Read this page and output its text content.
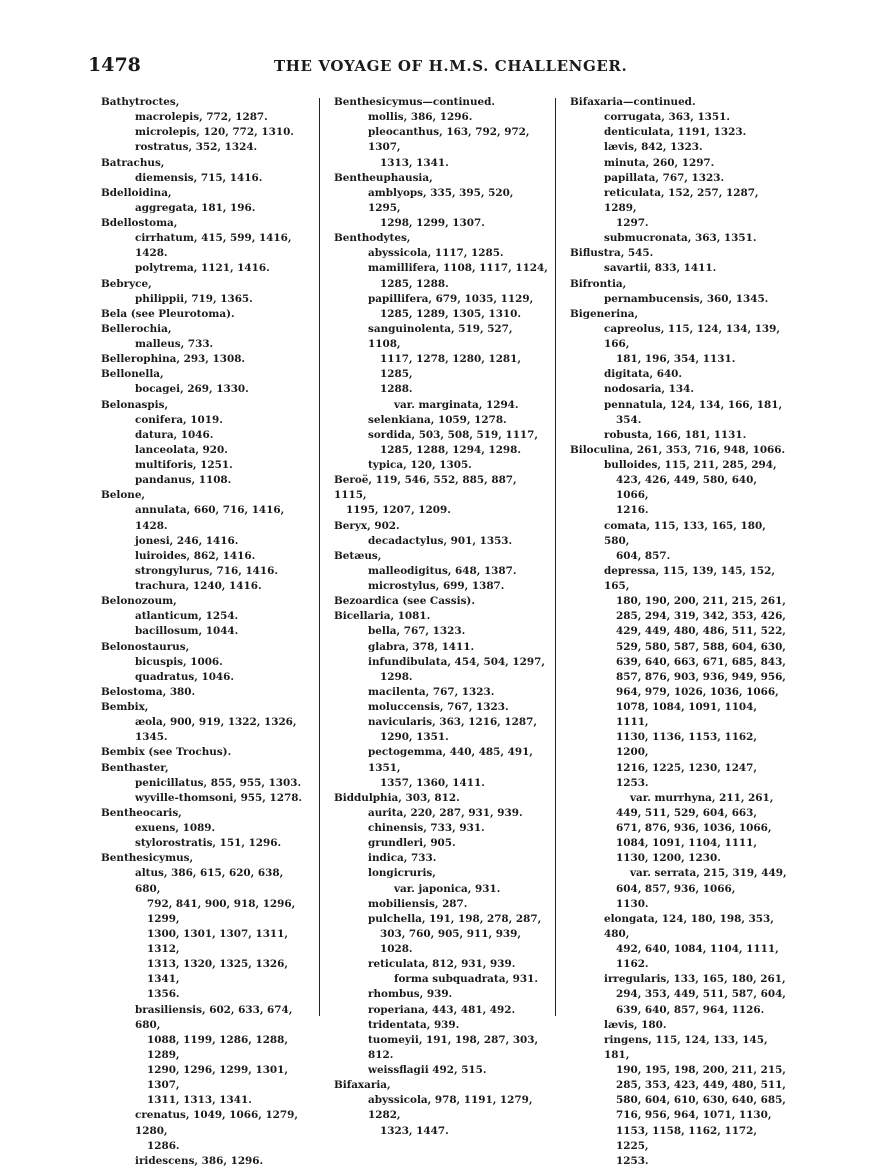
1478	THE VOYAGE OF H.M.S. CHALLENGER.
Bathytroctes,
macrolepis, 772, 1287.
microlepis, 120, 772, 1310.
rostratus, 352, 1324.
Batrachus,
diemensis, 715, 1416.
Bdelloidina,
aggregata, 181, 196.
Bdellostoma,
cirrhatum, 415, 599, 1416, 1428.
polytrema, 1121, 1416.
Bebryce,
philippii, 719, 1365.
Bela (see Pleurotoma).
Bellerochia,
malleus, 733.
Bellerophina, 293, 1308.
Bellonella,
bocagei, 269, 1330.
Belonaspis,
conifera, 1019.
datura, 1046.
lanceolata, 920.
multiforis, 1251.
pandanus, 1108.
Belone,
annulata, 660, 716, 1416, 1428.
jonesi, 246, 1416.
luiroides, 862, 1416.
strongylurus, 716, 1416.
trachura, 1240, 1416.
Belonozoum,
atlanticum, 1254.
bacillosum, 1044.
Belonostaurus,
bicuspis, 1006.
quadratus, 1046.
Belostoma, 380.
Bembix,
æola, 900, 919, 1322, 1326, 1345.
Bembix (see Trochus).
Benthaster,
penicillatus, 855, 955, 1303.
wyville-thomsoni, 955, 1278.
Bentheocaris,
exuens, 1089.
stylorostratis, 151, 1296.
Benthesicymus,
altus, 386, 615, 620, 638, 680,
792, 841, 900, 918, 1296, 1299,
1300, 1301, 1307, 1311, 1312,
1313, 1320, 1325, 1326, 1341,
1356.
brasiliensis, 602, 633, 674, 680,
1088, 1199, 1286, 1288, 1289,
1290, 1296, 1299, 1301, 1307,
1311, 1313, 1341.
crenatus, 1049, 1066, 1279, 1280,
1286.
iridescens, 386, 1296.
Benthesicymus—continued.
mollis, 386, 1296.
pleocanthus, 163, 792, 972, 1307,
1313, 1341.
Bentheuphausia,
amblyops, 335, 395, 520, 1295,
1298, 1299, 1307.
Benthodytes,
abyssicola, 1117, 1285.
mamillifera, 1108, 1117, 1124,
1285, 1288.
papillifera, 679, 1035, 1129,
1285, 1289, 1305, 1310.
sanguinolenta, 519, 527, 1108,
1117, 1278, 1280, 1281, 1285,
1288.
var. marginata, 1294.
selenkiana, 1059, 1278.
sordida, 503, 508, 519, 1117,
1285, 1288, 1294, 1298.
typica, 120, 1305.
Beroë, 119, 546, 552, 885, 887, 1115,
1195, 1207, 1209.
Beryx, 902.
decadactylus, 901, 1353.
Betæus,
malleodigitus, 648, 1387.
microstylus, 699, 1387.
Bezoardica (see Cassis).
Bicellaria, 1081.
bella, 767, 1323.
glabra, 378, 1411.
infundibulata, 454, 504, 1297,
1298.
macilenta, 767, 1323.
moluccensis, 767, 1323.
navicularis, 363, 1216, 1287,
1290, 1351.
pectogemma, 440, 485, 491, 1351,
1357, 1360, 1411.
Biddulphia, 303, 812.
aurita, 220, 287, 931, 939.
chinensis, 733, 931.
grundleri, 905.
indica, 733.
longicruris,
var. japonica, 931.
mobiliensis, 287.
pulchella, 191, 198, 278, 287,
303, 760, 905, 911, 939, 1028.
reticulata, 812, 931, 939.
forma subquadrata, 931.
rhombus, 939.
roperiana, 443, 481, 492.
tridentata, 939.
tuomeyii, 191, 198, 287, 303, 812.
weissflagii 492, 515.
Bifaxaria,
abyssicola, 978, 1191, 1279, 1282,
1323, 1447.
Bifaxaria—continued.
corrugata, 363, 1351.
denticulata, 1191, 1323.
lævis, 842, 1323.
minuta, 260, 1297.
papillata, 767, 1323.
reticulata, 152, 257, 1287, 1289,
1297.
submucronata, 363, 1351.
Biflustra, 545.
savartii, 833, 1411.
Bifrontia,
pernambucensis, 360, 1345.
Bigenerina,
capreolus, 115, 124, 134, 139, 166,
181, 196, 354, 1131.
digitata, 640.
nodosaria, 134.
pennatula, 124, 134, 166, 181,
354.
robusta, 166, 181, 1131.
Biloculina, 261, 353, 716, 948, 1066.
bulloides, 115, 211, 285, 294,
423, 426, 449, 580, 640, 1066,
1216.
comata, 115, 133, 165, 180, 580,
604, 857.
depressa, 115, 139, 145, 152, 165,
180, 190, 200, 211, 215, 261,
285, 294, 319, 342, 353, 426,
429, 449, 480, 486, 511, 522,
529, 580, 587, 588, 604, 630,
639, 640, 663, 671, 685, 843,
857, 876, 903, 936, 949, 956,
964, 979, 1026, 1036, 1066,
1078, 1084, 1091, 1104, 1111,
1130, 1136, 1153, 1162, 1200,
1216, 1225, 1230, 1247, 1253.
var. murrhyna, 211, 261,
449, 511, 529, 604, 663,
671, 876, 936, 1036, 1066,
1084, 1091, 1104, 1111,
1130, 1200, 1230.
var. serrata, 215, 319, 449,
604, 857, 936, 1066,
1130.
elongata, 124, 180, 198, 353, 480,
492, 640, 1084, 1104, 1111,
1162.
irregularis, 133, 165, 180, 261,
294, 353, 449, 511, 587, 604,
639, 640, 857, 964, 1126.
lævis, 180.
ringens, 115, 124, 133, 145, 181,
190, 195, 198, 200, 211, 215,
285, 353, 423, 449, 480, 511,
580, 604, 610, 630, 640, 685,
716, 956, 964, 1071, 1130,
1153, 1158, 1162, 1172, 1225,
1253.
